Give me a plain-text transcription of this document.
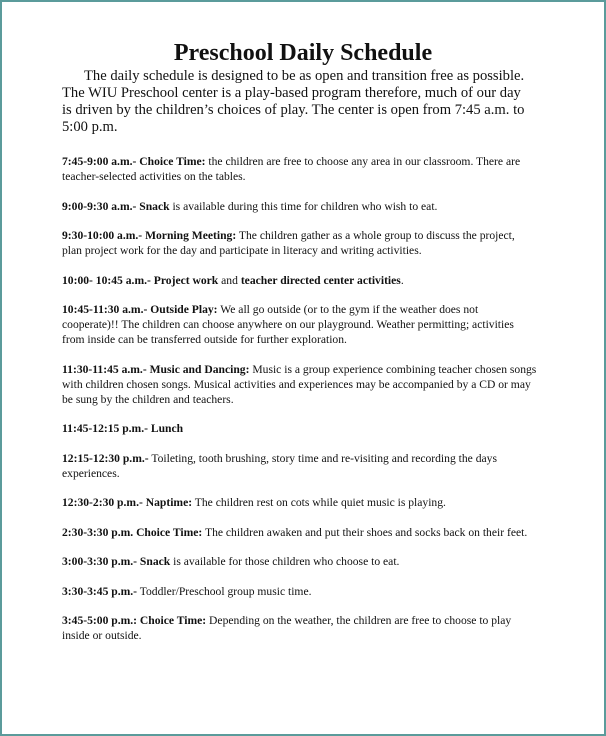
Preschool Daily Schedule

The daily schedule is designed to be as open and transition free as possible. The WIU Preschool center is a play-based program therefore, much of our day is driven by the children’s choices of play. The center is open from 7:45 a.m. to 5:00 p.m.

7:45-9:00 a.m.- Choice Time: the children are free to choose any area in our classroom. There are teacher-selected activities on the tables.
9:00-9:30 a.m.- Snack is available during this time for children who wish to eat.
9:30-10:00 a.m.- Morning Meeting: The children gather as a whole group to discuss the project, plan project work for the day and participate in literacy and writing activities.
10:00- 10:45 a.m.- Project work and teacher directed center activities.
10:45-11:30 a.m.- Outside Play: We all go outside (or to the gym if the weather does not cooperate)!! The children can choose anywhere on our playground. Weather permitting; activities from inside can be transferred outside for further exploration.
11:30-11:45 a.m.- Music and Dancing: Music is a group experience combining teacher chosen songs with children chosen songs. Musical activities and experiences may be accompanied by a CD or may be sung by the children and teachers.
11:45-12:15 p.m.- Lunch
12:15-12:30 p.m.- Toileting, tooth brushing, story time and re-visiting and recording the days experiences.
12:30-2:30 p.m.- Naptime: The children rest on cots while quiet music is playing.
2:30-3:30 p.m. Choice Time: The children awaken and put their shoes and socks back on their feet.
3:00-3:30 p.m.- Snack is available for those children who choose to eat.
3:30-3:45 p.m.- Toddler/Preschool group music time.
3:45-5:00 p.m.: Choice Time: Depending on the weather, the children are free to choose to play inside or outside.
